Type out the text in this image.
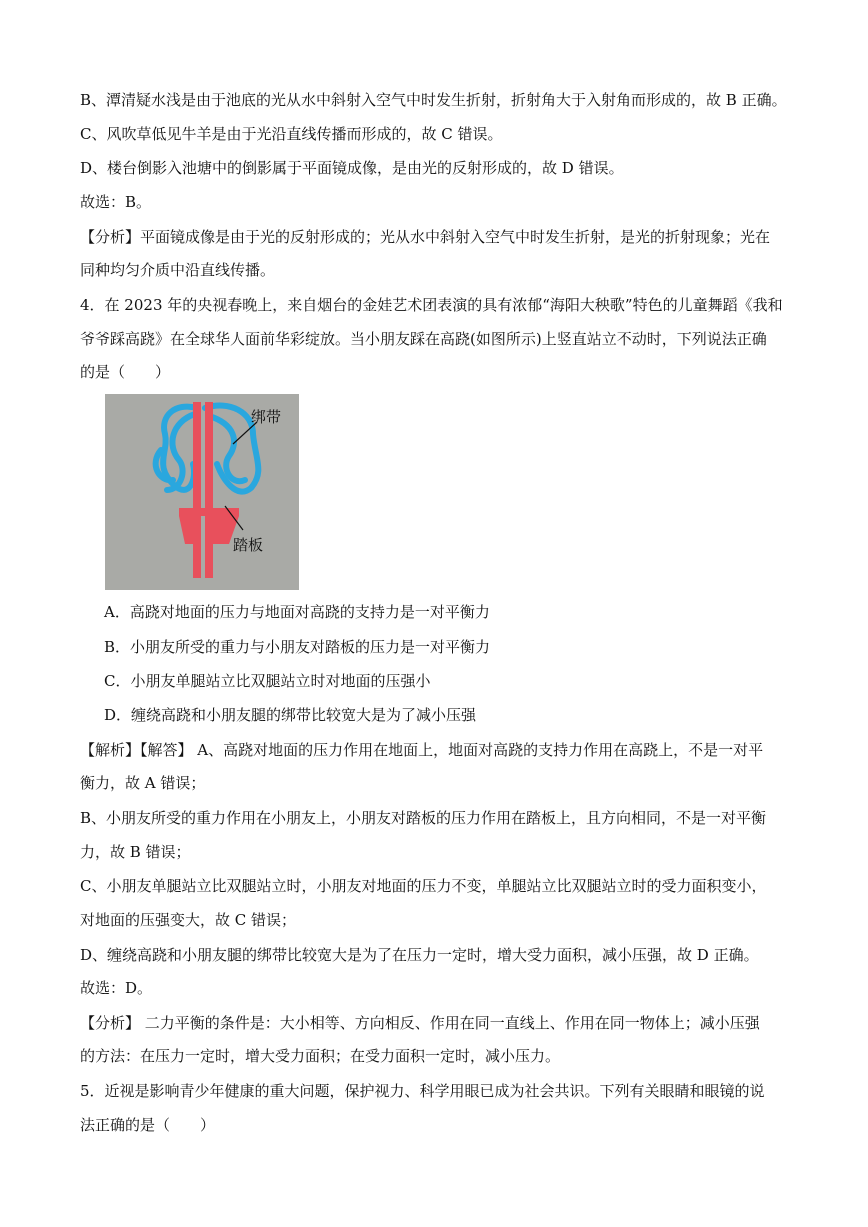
B、潭清疑水浅是由于池底的光从水中斜射入空气中时发生折射，折射角大于入射角而形成的，故 B 正确。
C、风吹草低见牛羊是由于光沿直线传播而形成的，故 C 错误。
D、楼台倒影入池塘中的倒影属于平面镜成像，是由光的反射形成的，故 D 错误。
故选：B。
【分析】平面镜成像是由于光的反射形成的；光从水中斜射入空气中时发生折射，是光的折射现象；光在
同种均匀介质中沿直线传播。
4．在 2023 年的央视春晚上，来自烟台的金娃艺术团表演的具有浓郁“海阳大秧歌”特色的儿童舞蹈《我和
爷爷踩高跷》在全球华人面前华彩绽放。当小朋友踩在高跷(如图所示)上竖直站立不动时，下列说法正确
的是（　　）
绑带
踏板
A．高跷对地面的压力与地面对高跷的支持力是一对平衡力
B．小朋友所受的重力与小朋友对踏板的压力是一对平衡力
C．小朋友单腿站立比双腿站立时对地面的压强小
D．缠绕高跷和小朋友腿的绑带比较宽大是为了减小压强
【解析】【解答】 A、高跷对地面的压力作用在地面上，地面对高跷的支持力作用在高跷上，不是一对平
衡力，故 A 错误；
B、小朋友所受的重力作用在小朋友上，小朋友对踏板的压力作用在踏板上，且方向相同，不是一对平衡
力，故 B 错误；
C、小朋友单腿站立比双腿站立时，小朋友对地面的压力不变，单腿站立比双腿站立时的受力面积变小，
对地面的压强变大，故 C 错误；
D、缠绕高跷和小朋友腿的绑带比较宽大是为了在压力一定时，增大受力面积，减小压强，故 D 正确。
故选：D。
【分析】 二力平衡的条件是：大小相等、方向相反、作用在同一直线上、作用在同一物体上；减小压强
的方法：在压力一定时，增大受力面积；在受力面积一定时，减小压力。
5．近视是影响青少年健康的重大问题，保护视力、科学用眼已成为社会共识。下列有关眼睛和眼镜的说
法正确的是（　　）
